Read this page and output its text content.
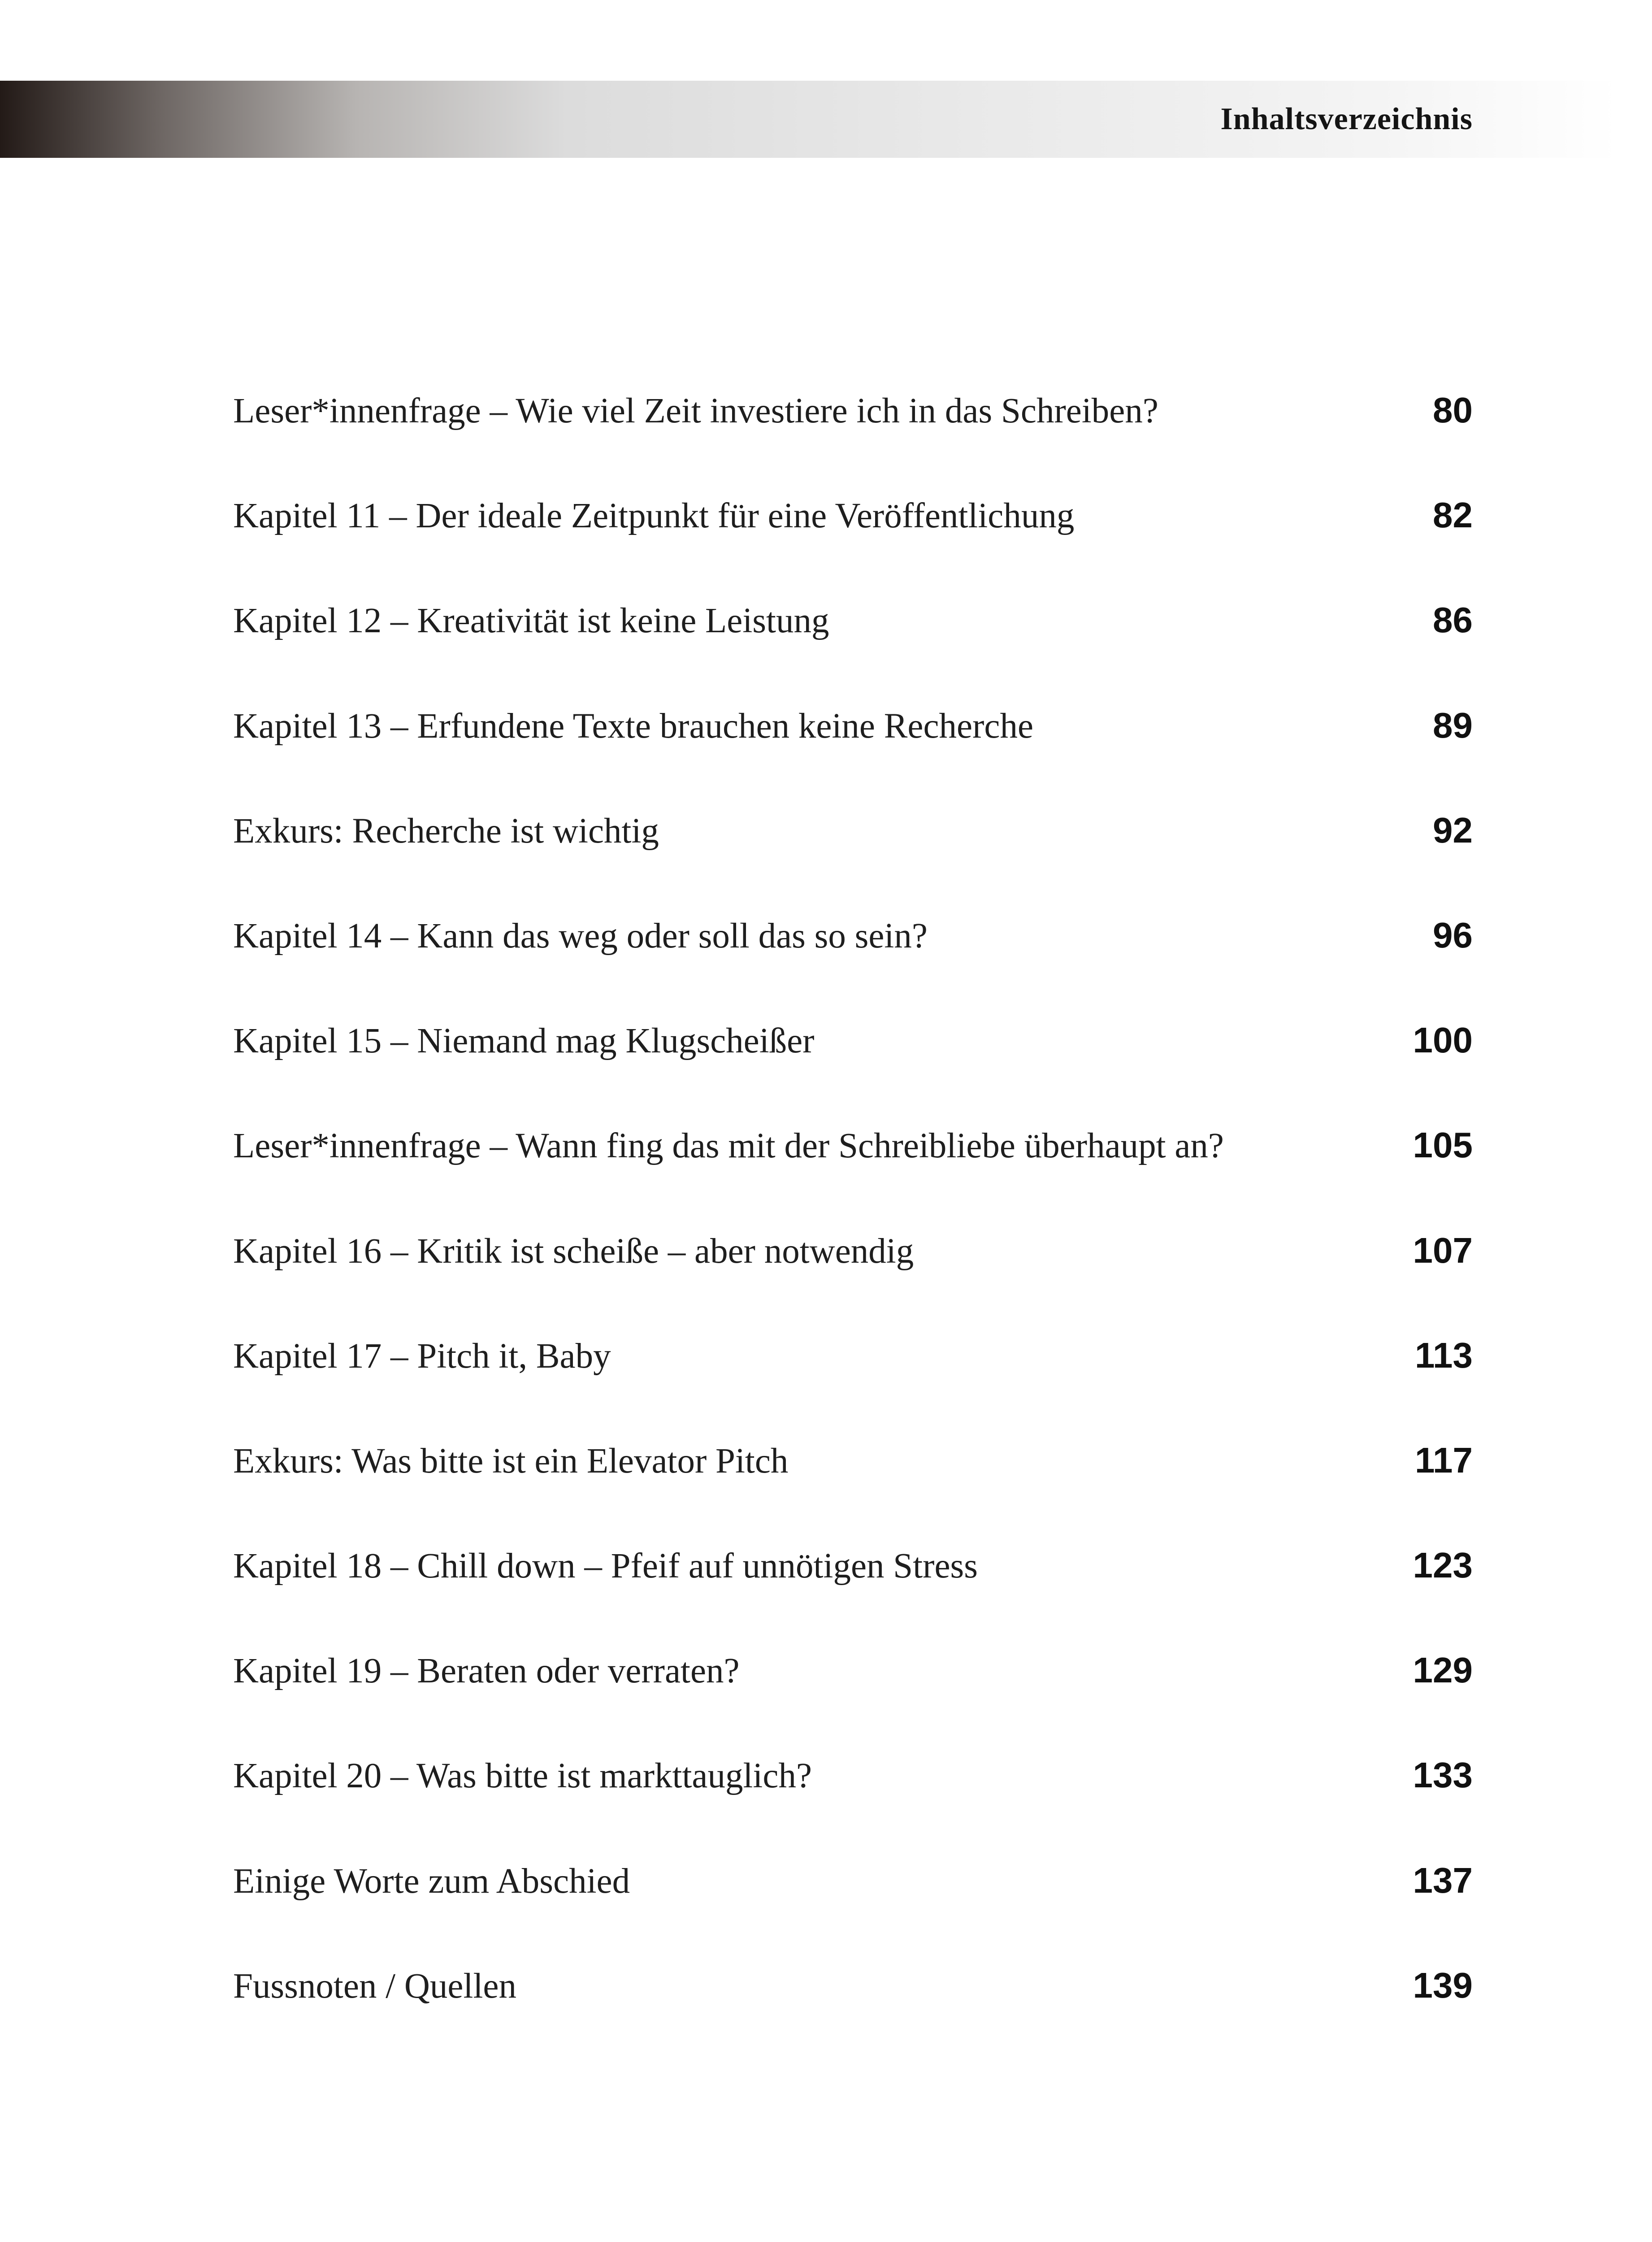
Inhaltsverzeichnis
Leser*innenfrage – Wie viel Zeit investiere ich in das Schreiben?	80
Kapitel 11 – Der ideale Zeitpunkt für eine Veröffentlichung	82
Kapitel 12 – Kreativität ist keine Leistung	86
Kapitel 13 – Erfundene Texte brauchen keine Recherche	89
Exkurs: Recherche ist wichtig	92
Kapitel 14 – Kann das weg oder soll das so sein?	96
Kapitel 15 – Niemand mag Klugscheißer	100
Leser*innenfrage – Wann fing das mit der Schreibliebe überhaupt an?	105
Kapitel 16 – Kritik ist scheiße – aber notwendig	107
Kapitel 17 – Pitch it, Baby	113
Exkurs: Was bitte ist ein Elevator Pitch	117
Kapitel 18 – Chill down – Pfeif auf unnötigen Stress	123
Kapitel 19 – Beraten oder verraten?	129
Kapitel 20 – Was bitte ist markttauglich?	133
Einige Worte zum Abschied	137
Fussnoten / Quellen	139
